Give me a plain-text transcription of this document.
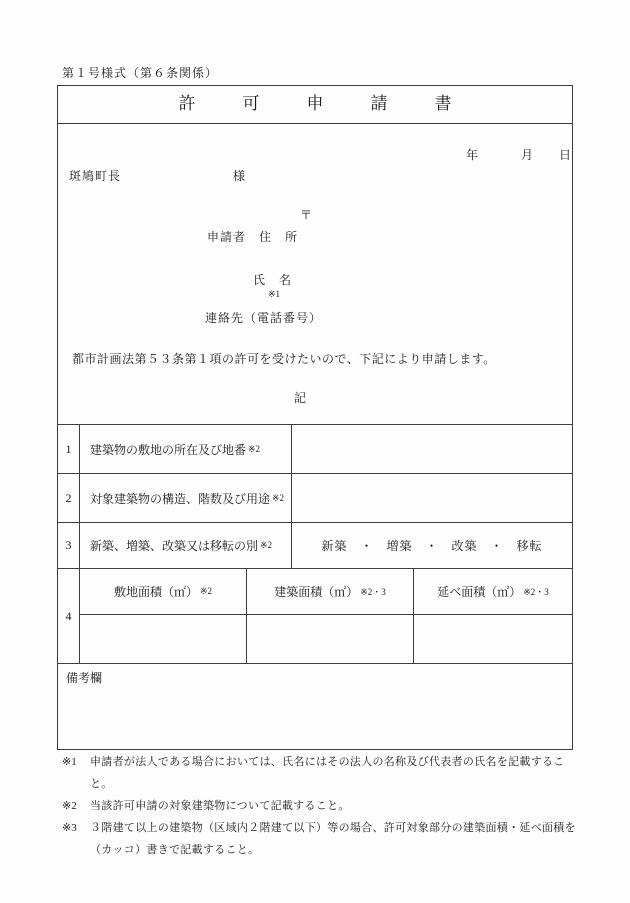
第１号様式（第６条関係）
許　可　申　請　書
年	月 日
斑鳩町長	様
〒
申請者　住　所
氏　名
※1
連絡先（電話番号）
都市計画法第５３条第１項の許可を受けたいので、下記により申請します。
記
1	建築物の敷地の所在及び地番 ※2
2	対象建築物の構造、階数及び用途 ※2
3	新築、増築、改築又は移転の別 ※2	新築　・　増築　・　改築　・　移転
4
敷地面積（㎡） ※2	建築面積（㎡） ※2・3	延べ面積（㎡） ※2・3
備考欄
※1	申請者が法人である場合においては、氏名にはその法人の名称及び代表者の氏名を記載すること。
※2	当該許可申請の対象建築物について記載すること。
※3	３階建て以上の建築物（区域内２階建て以下）等の場合、許可対象部分の建築面積・延べ面積を（カッコ）書きで記載すること。
